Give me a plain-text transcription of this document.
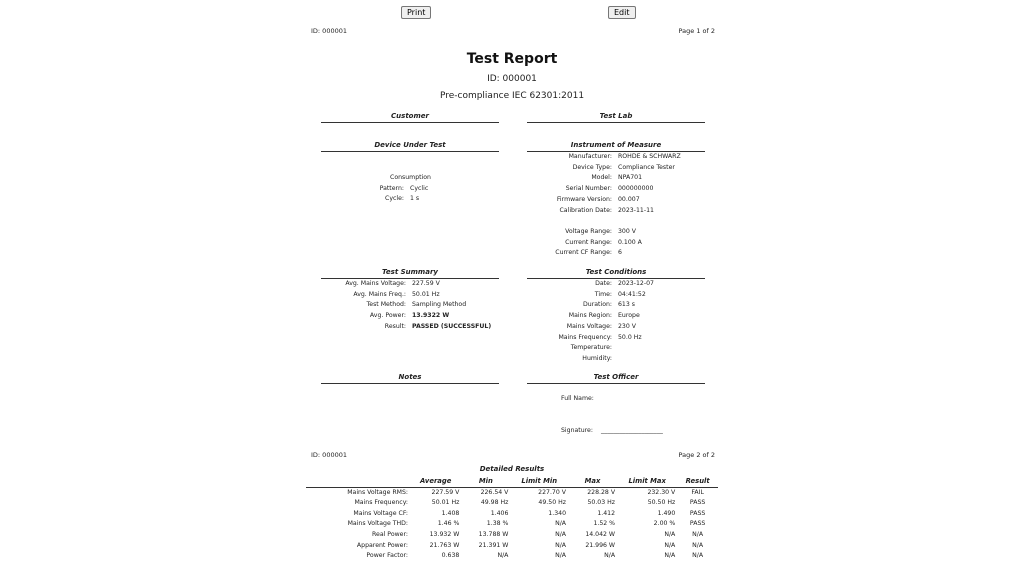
Print	Edit
ID: 000001	Page 1 of 2
Test Report
ID: 000001
Pre-compliance IEC 62301:2011
Customer	Test Lab
Device Under Test	Instrument of Measure
Consumption
Pattern: Cyclic
Cycle: 1 s
Manufacturer: ROHDE & SCHWARZ
Device Type: Compliance Tester
Model: NPA701
Serial Number: 000000000
Firmware Version: 00.007
Calibration Date: 2023-11-11
Voltage Range: 300 V
Current Range: 0.100 A
Current CF Range: 6
Test Summary	Test Conditions
Avg. Mains Voltage: 227.59 V
Avg. Mains Freq.: 50.01 Hz
Test Method: Sampling Method
Avg. Power: 13.9322 W
Result: PASSED (SUCCESSFUL)
Date: 2023-12-07
Time: 04:41:52
Duration: 613 s
Mains Region: Europe
Mains Voltage: 230 V
Mains Frequency: 50.0 Hz
Temperature:
Humidity:
Notes	Test Officer
Full Name:
Signature: ____________________
ID: 000001	Page 2 of 2
Detailed Results
	Average	Min	Limit Min	Max	Limit Max	Result
Mains Voltage RMS:	227.59 V	226.54 V	227.70 V	228.28 V	232.30 V	FAIL
Mains Frequency:	50.01 Hz	49.98 Hz	49.50 Hz	50.03 Hz	50.50 Hz	PASS
Mains Voltage CF:	1.408	1.406	1.340	1.412	1.490	PASS
Mains Voltage THD:	1.46 %	1.38 %	N/A	1.52 %	2.00 %	PASS
Real Power:	13.932 W	13.788 W	N/A	14.042 W	N/A	N/A
Apparent Power:	21.763 W	21.391 W	N/A	21.996 W	N/A	N/A
Power Factor:	0.638	N/A	N/A	N/A	N/A	N/A
